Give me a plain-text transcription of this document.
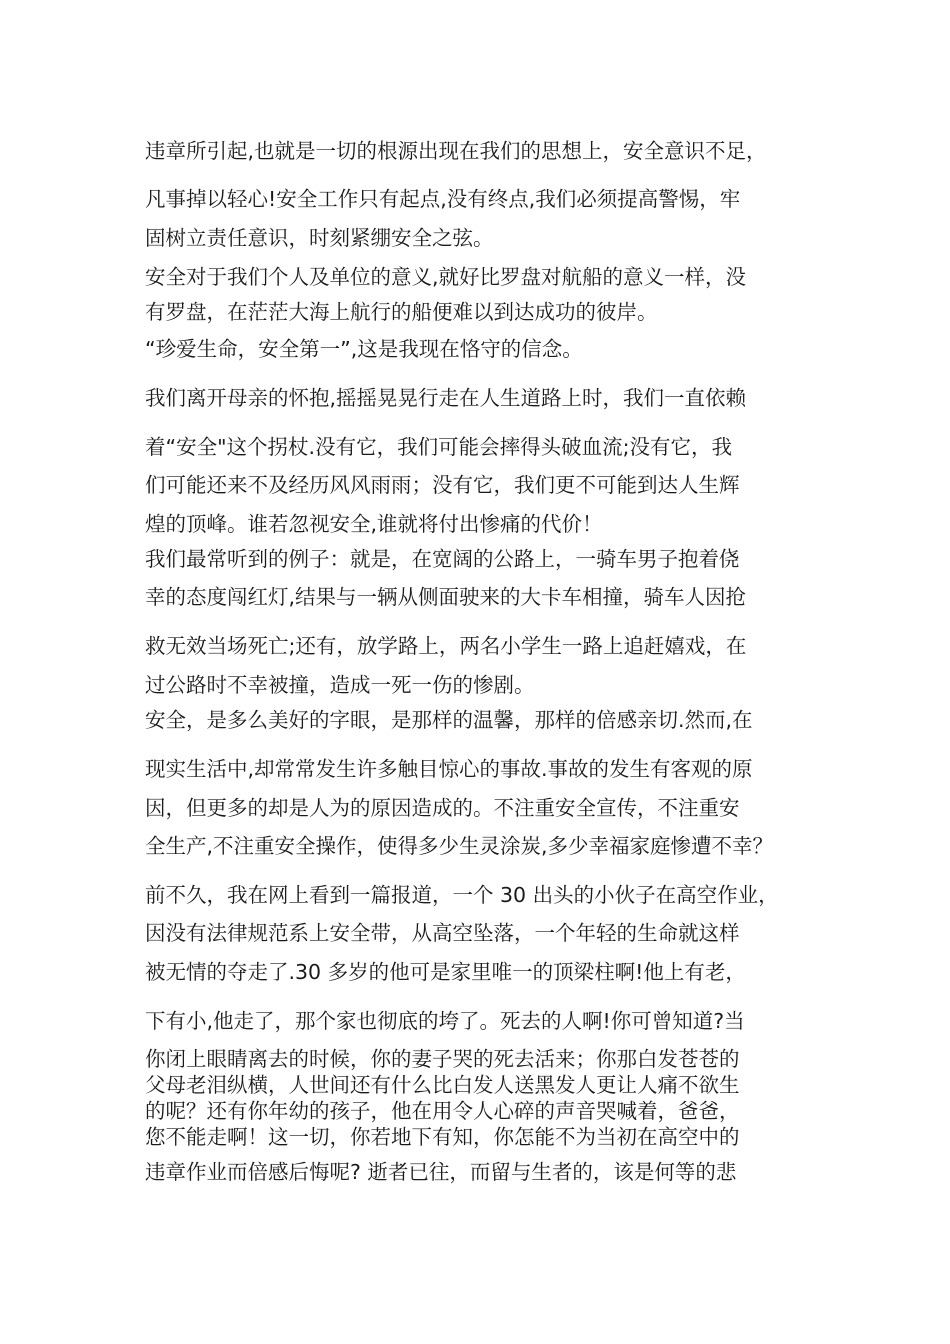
违章所引起,也就是一切的根源出现在我们的思想上，安全意识不足，
凡事掉以轻心!安全工作只有起点,没有终点,我们必须提高警惕，牢
固树立责任意识，时刻紧绷安全之弦。
安全对于我们个人及单位的意义,就好比罗盘对航船的意义一样，没
有罗盘，在茫茫大海上航行的船便难以到达成功的彼岸。
“珍爱生命，安全第一”,这是我现在恪守的信念。
我们离开母亲的怀抱,摇摇晃晃行走在人生道路上时，我们一直依赖
着“安全"这个拐杖.没有它，我们可能会摔得头破血流;没有它，我
们可能还来不及经历风风雨雨；没有它，我们更不可能到达人生辉
煌的顶峰。谁若忽视安全,谁就将付出惨痛的代价！
我们最常听到的例子：就是，在宽阔的公路上，一骑车男子抱着侥
幸的态度闯红灯,结果与一辆从侧面驶来的大卡车相撞，骑车人因抢
救无效当场死亡;还有，放学路上，两名小学生一路上追赶嬉戏，在
过公路时不幸被撞，造成一死一伤的惨剧。
安全，是多么美好的字眼，是那样的温馨，那样的倍感亲切.然而,在
现实生活中,却常常发生许多触目惊心的事故.事故的发生有客观的原
因，但更多的却是人为的原因造成的。不注重安全宣传，不注重安
全生产,不注重安全操作，使得多少生灵涂炭,多少幸福家庭惨遭不幸？
前不久，我在网上看到一篇报道，一个 30 出头的小伙子在高空作业，
因没有法律规范系上安全带，从高空坠落，一个年轻的生命就这样
被无情的夺走了.30 多岁的他可是家里唯一的顶梁柱啊!他上有老，
下有小,他走了，那个家也彻底的垮了。死去的人啊!你可曾知道?当
你闭上眼睛离去的时候，你的妻子哭的死去活来；你那白发苍苍的
父母老泪纵横，人世间还有什么比白发人送黑发人更让人痛不欲生
的呢？还有你年幼的孩子，他在用令人心碎的声音哭喊着，爸爸，
您不能走啊！这一切，你若地下有知，你怎能不为当初在高空中的
违章作业而倍感后悔呢? 逝者已往，而留与生者的，该是何等的悲
